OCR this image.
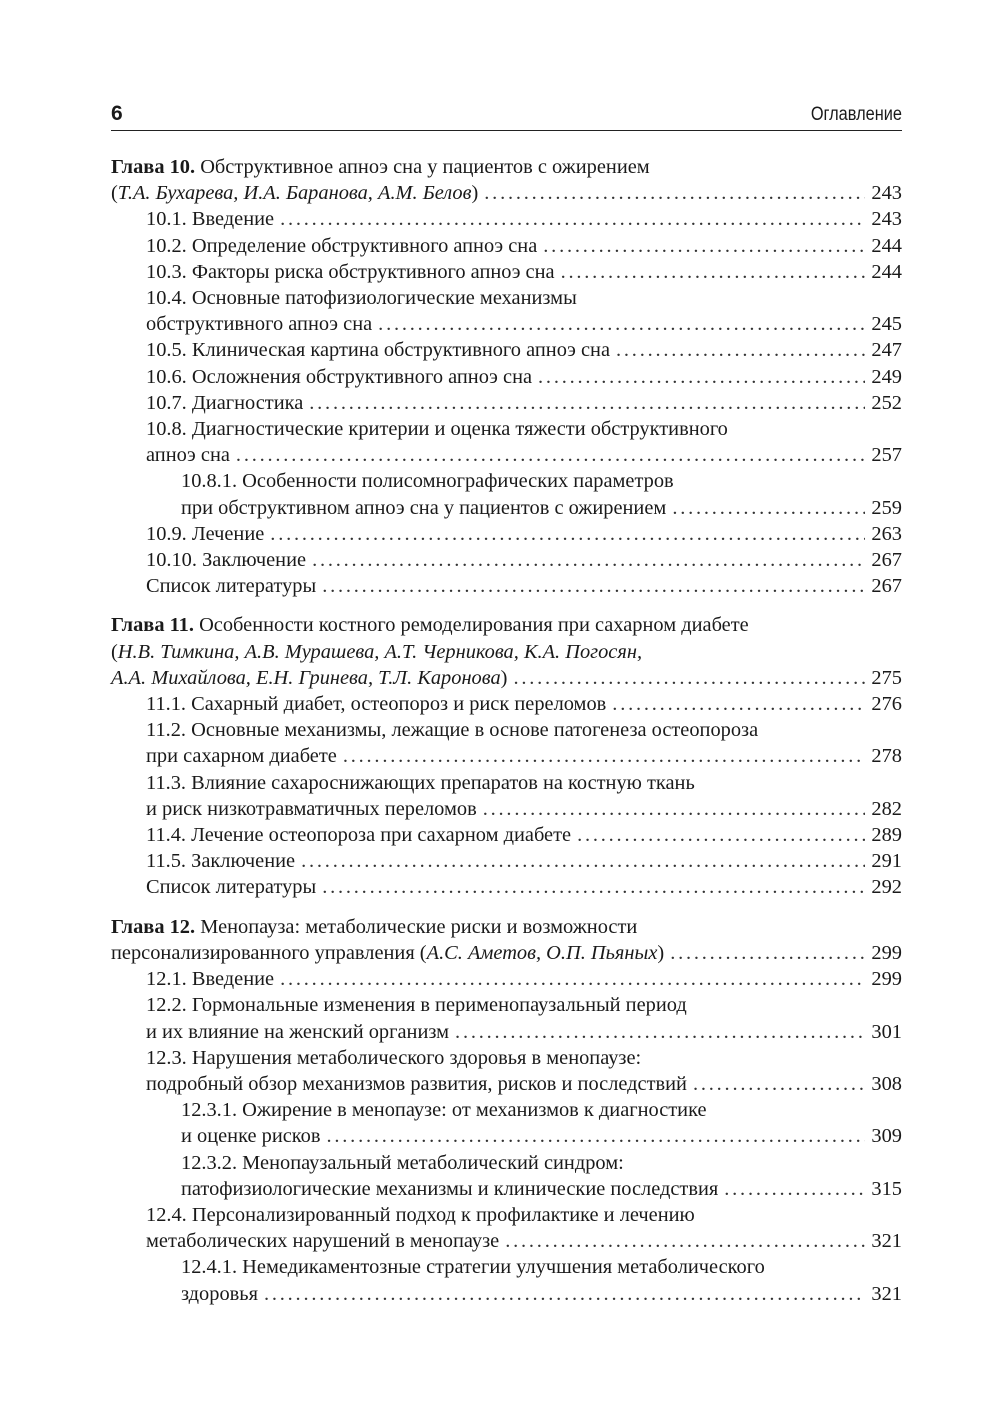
6	Оглавление
Глава 10. Обструктивное апноэ сна у пациентов с ожирением
(Т.А. Бухарева, И.А. Баранова, А.М. Белов) .....	243
10.1. Введение .....	243
10.2. Определение обструктивного апноэ сна .....	244
10.3. Факторы риска обструктивного апноэ сна .....	244
10.4. Основные патофизиологические механизмы
обструктивного апноэ сна .....	245
10.5. Клиническая картина обструктивного апноэ сна .....	247
10.6. Осложнения обструктивного апноэ сна .....	249
10.7. Диагностика .....	252
10.8. Диагностические критерии и оценка тяжести обструктивного
апноэ сна .....	257
10.8.1. Особенности полисомнографических параметров
при обструктивном апноэ сна у пациентов с ожирением .....	259
10.9. Лечение .....	263
10.10. Заключение .....	267
Список литературы .....	267
Глава 11. Особенности костного ремоделирования при сахарном диабете
(Н.В. Тимкина, А.В. Мурашева, А.Т. Черникова, К.А. Погосян,
А.А. Михайлова, Е.Н. Гринева, Т.Л. Каронова) .....	275
11.1. Сахарный диабет, остеопороз и риск переломов .....	276
11.2. Основные механизмы, лежащие в основе патогенеза остеопороза
при сахарном диабете .....	278
11.3. Влияние сахароснижающих препаратов на костную ткань
и риск низкотравматичных переломов .....	282
11.4. Лечение остеопороза при сахарном диабете .....	289
11.5. Заключение .....	291
Список литературы .....	292
Глава 12. Менопауза: метаболические риски и возможности
персонализированного управления (А.С. Аметов, О.П. Пьяных) .....	299
12.1. Введение .....	299
12.2. Гормональные изменения в перименопаузальный период
и их влияние на женский организм .....	301
12.3. Нарушения метаболического здоровья в менопаузе:
подробный обзор механизмов развития, рисков и последствий .....	308
12.3.1. Ожирение в менопаузе: от механизмов к диагностике
и оценке рисков .....	309
12.3.2. Менопаузальный метаболический синдром:
патофизиологические механизмы и клинические последствия .....	315
12.4. Персонализированный подход к профилактике и лечению
метаболических нарушений в менопаузе .....	321
12.4.1. Немедикаментозные стратегии улучшения метаболического
здоровья .....	321
